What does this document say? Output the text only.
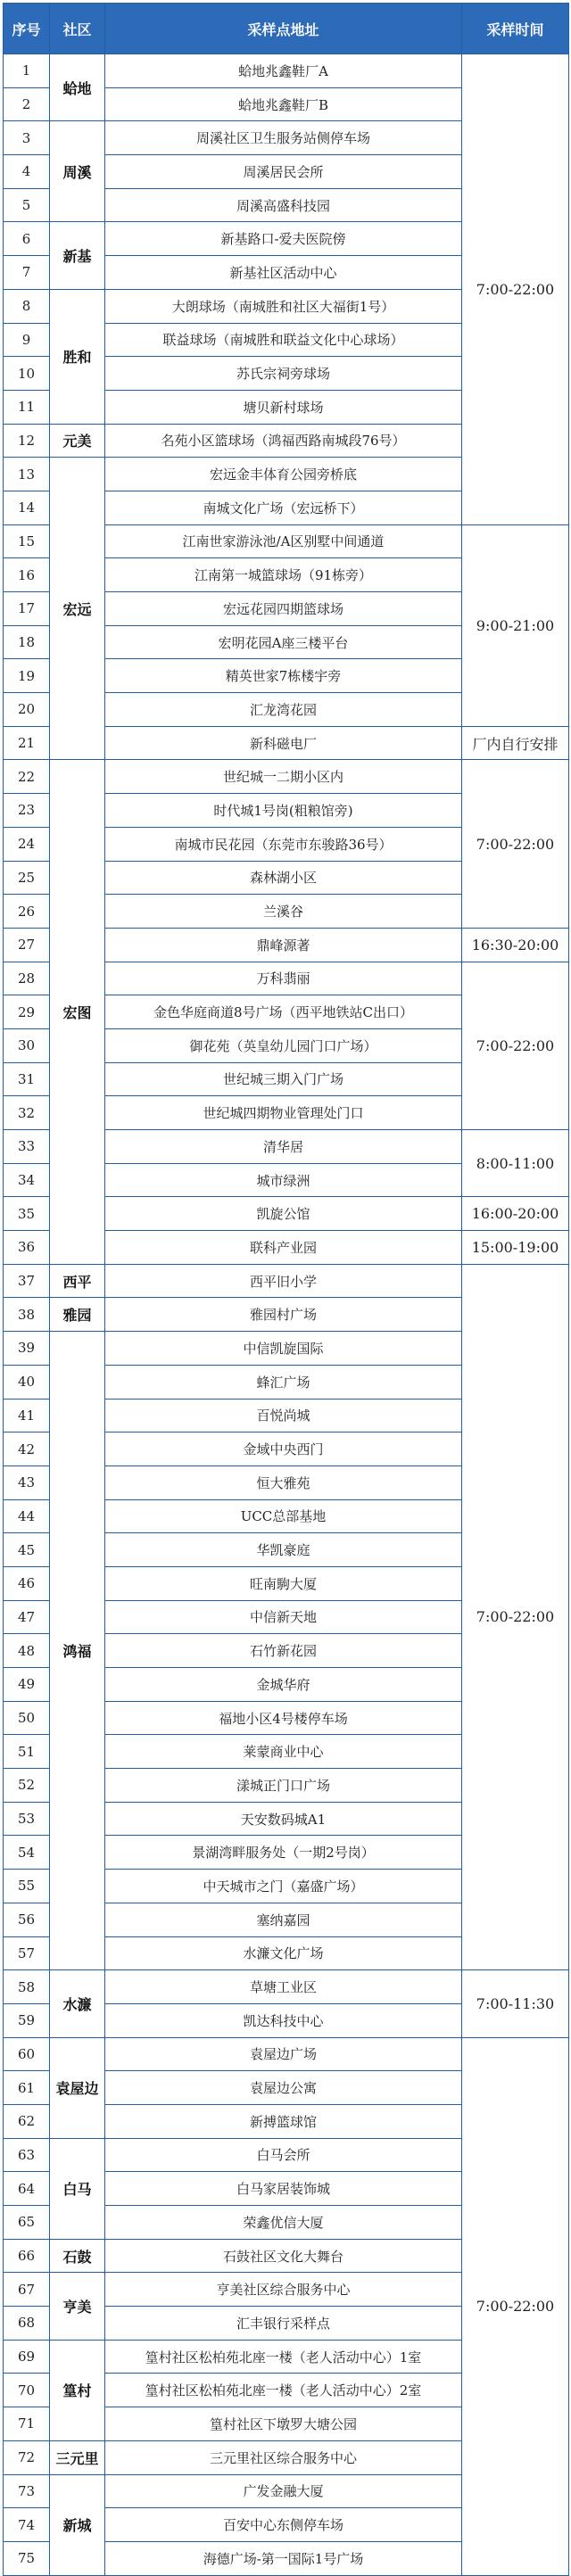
序号	社区	采样点地址	采样时间
1	蛤地	蛤地兆鑫鞋厂A	7:00-22:00
2		蛤地兆鑫鞋厂B	
3	周溪	周溪社区卫生服务站侧停车场	
4		周溪居民会所	
5		周溪高盛科技园	
6	新基	新基路口-爱夫医院傍	
7		新基社区活动中心	
8	胜和	大朗球场（南城胜和社区大福街1号）	
9		联益球场（南城胜和联益文化中心球场）	
10		苏氏宗祠旁球场	
11		塘贝新村球场	
12	元美	名苑小区篮球场（鸿福西路南城段76号）	
13	宏远	宏远金丰体育公园旁桥底	
14		南城文化广场（宏远桥下）	
15		江南世家游泳池/A区别墅中间通道	9:00-21:00
16		江南第一城篮球场（91栋旁）	
17		宏远花园四期篮球场	
18		宏明花园A座三楼平台	
19		精英世家7栋楼宇旁	
20		汇龙湾花园	
21		新科磁电厂	厂内自行安排
22	宏图	世纪城一二期小区内	7:00-22:00
23		时代城1号岗(粗粮馆旁)	
24		南城市民花园（东莞市东骏路36号）	
25		森林湖小区	
26		兰溪谷	
27		鼎峰源著	16:30-20:00
28		万科翡丽	7:00-22:00
29		金色华庭商道8号广场（西平地铁站C出口）	
30		御花苑（英皇幼儿园门口广场）	
31		世纪城三期入门广场	
32		世纪城四期物业管理处门口	
33		清华居	8:00-11:00
34		城市绿洲	
35		凯旋公馆	16:00-20:00
36		联科产业园	15:00-19:00
37	西平	西平旧小学	7:00-22:00
38	雅园	雅园村广场	
39	鸿福	中信凯旋国际	
40		蜂汇广场	
41		百悦尚城	
42		金域中央西门	
43		恒大雅苑	
44		UCC总部基地	
45		华凯豪庭	
46		旺南駒大厦	
47		中信新天地	
48		石竹新花园	
49		金城华府	
50		福地小区4号楼停车场	
51		莱蒙商业中心	
52		漾城正门口广场	
53		天安数码城A1	
54		景湖湾畔服务处（一期2号岗）	
55		中天城市之门（嘉盛广场）	
56		塞纳嘉园	
57		水濂文化广场	
58	水濂	草塘工业区	7:00-11:30
59		凯达科技中心	
60	袁屋边	袁屋边广场	7:00-22:00
61		袁屋边公寓	
62		新搏篮球馆	
63	白马	白马会所	
64		白马家居装饰城	
65		荣鑫优信大厦	
66	石鼓	石鼓社区文化大舞台	
67	亨美	亨美社区综合服务中心	
68		汇丰银行采样点	
69	篁村	篁村社区松柏苑北座一楼（老人活动中心）1室	
70		篁村社区松柏苑北座一楼（老人活动中心）2室	
71		篁村社区下墩罗大塘公园	
72	三元里	三元里社区综合服务中心	
73	新城	广发金融大厦	
74		百安中心东侧停车场	
75		海德广场-第一国际1号广场	
